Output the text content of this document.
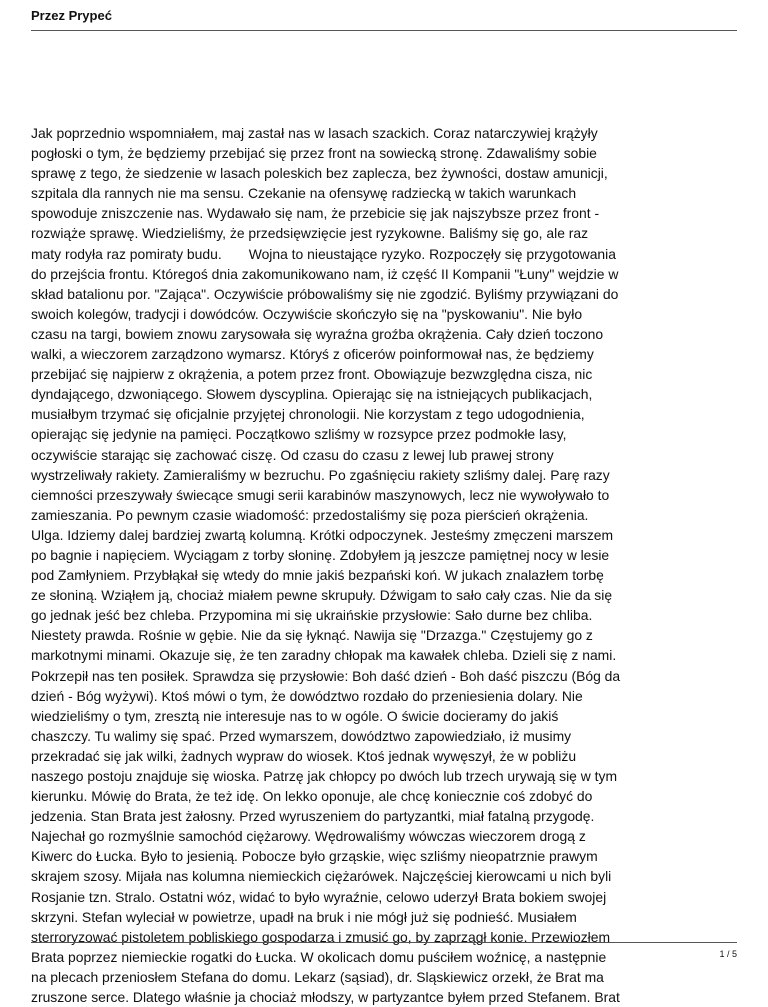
Przez Prypeć
Jak poprzednio wspomniałem, maj zastał nas w lasach szackich. Coraz natarczywiej krążyły
pogłoski o tym, że będziemy przebijać się przez front na sowiecką stronę. Zdawaliśmy sobie
sprawę z tego, że siedzenie w lasach poleskich bez zaplecza, bez żywności, dostaw amunicji,
szpitala dla rannych nie ma sensu. Czekanie na ofensywę radziecką w takich warunkach
spowoduje zniszczenie nas. Wydawało się nam, że przebicie się jak najszybsze przez front -
rozwiąże sprawę. Wiedzieliśmy, że przedsięwzięcie jest ryzykowne. Baliśmy się go, ale raz
maty rodyła raz pomiraty budu.       Wojna to nieustające ryzyko. Rozpoczęły się przygotowania
do przejścia frontu. Któregoś dnia zakomunikowano nam, iż część II Kompanii "Łuny" wejdzie w
skład batalionu por. "Zająca". Oczywiście próbowaliśmy się nie zgodzić. Byliśmy przywiązani do
swoich kolegów, tradycji i dowódców. Oczywiście skończyło się na "pyskowaniu". Nie było
czasu na targi, bowiem znowu zarysowała się wyraźna groźba okrążenia. Cały dzień toczono
walki, a wieczorem zarządzono wymarsz. Któryś z oficerów poinformował nas, że będziemy
przebijać się najpierw z okrążenia, a potem przez front. Obowiązuje bezwzględna cisza, nic
dyndającego, dzwoniącego. Słowem dyscyplina. Opierając się na istniejących publikacjach,
musiałbym trzymać się oficjalnie przyjętej chronologii. Nie korzystam z tego udogodnienia,
opierając się jedynie na pamięci. Początkowo szliśmy w rozsypce przez podmokłe lasy,
oczywiście starając się zachować ciszę. Od czasu do czasu z lewej lub prawej strony
wystrzeliwały rakiety. Zamieraliśmy w bezruchu. Po zgaśnięciu rakiety szliśmy dalej. Parę razy
ciemności przeszywały świecące smugi serii karabinów maszynowych, lecz nie wywoływało to
zamieszania. Po pewnym czasie wiadomość: przedostaliśmy się poza pierścień okrążenia.
Ulga. Idziemy dalej bardziej zwartą kolumną. Krótki odpoczynek. Jesteśmy zmęczeni marszem
po bagnie i napięciem. Wyciągam z torby słoninę. Zdobyłem ją jeszcze pamiętnej nocy w lesie
pod Zamłyniem. Przybłąkał się wtedy do mnie jakiś bezpański koń. W jukach znalazłem torbę
ze słoniną. Wziąłem ją, chociaż miałem pewne skrupuły. Dźwigam to sało cały czas. Nie da się
go jednak jeść bez chleba. Przypomina mi się ukraińskie przysłowie: Sało durne bez chliba.
Niestety prawda. Rośnie w gębie. Nie da się łyknąć. Nawija się "Drzazga." Częstujemy go z
markotnymi minami. Okazuje się, że ten zaradny chłopak ma kawałek chleba. Dzieli się z nami.
Pokrzepił nas ten posiłek. Sprawdza się przysłowie: Boh daść dzień - Boh daść piszczu (Bóg da
dzień - Bóg wyżywi). Ktoś mówi o tym, że dowództwo rozdało do przeniesienia dolary. Nie
wiedzieliśmy o tym, zresztą nie interesuje nas to w ogóle. O świcie docieramy do jakiś
chaszczy. Tu walimy się spać. Przed wymarszem, dowództwo zapowiedziało, iż musimy
przekradać się jak wilki, żadnych wypraw do wiosek. Ktoś jednak wywęszył, że w pobliżu
naszego postoju znajduje się wioska. Patrzę jak chłopcy po dwóch lub trzech urywają się w tym
kierunku. Mówię do Brata, że też idę. On lekko oponuje, ale chcę koniecznie coś zdobyć do
jedzenia. Stan Brata jest żałosny. Przed wyruszeniem do partyzantki, miał fatalną przygodę.
Najechał go rozmyślnie samochód ciężarowy. Wędrowaliśmy wówczas wieczorem drogą z
Kiwerc do Łucka. Było to jesienią. Pobocze było grząskie, więc szliśmy nieopatrznie prawym
skrajem szosy. Mijała nas kolumna niemieckich ciężarówek. Najczęściej kierowcami u nich byli
Rosjanie tzn. Stralo. Ostatni wóz, widać to było wyraźnie, celowo uderzył Brata bokiem swojej
skrzyni. Stefan wyleciał w powietrze, upadł na bruk i nie mógł już się podnieść. Musiałem
sterroryzować pistoletem pobliskiego gospodarza i zmusić go, by zaprzągł konie. Przewiozłem
Brata poprzez niemieckie rogatki do Łucka. W okolicach domu puściłem woźnicę, a następnie
na plecach przeniosłem Stefana do domu. Lekarz (sąsiad), dr. Sląskiewicz orzekł, że Brat ma
zruszone serce. Dlatego właśnie ja chociaż młodszy, w partyzantce byłem przed Stefanem. Brat
1 / 5
